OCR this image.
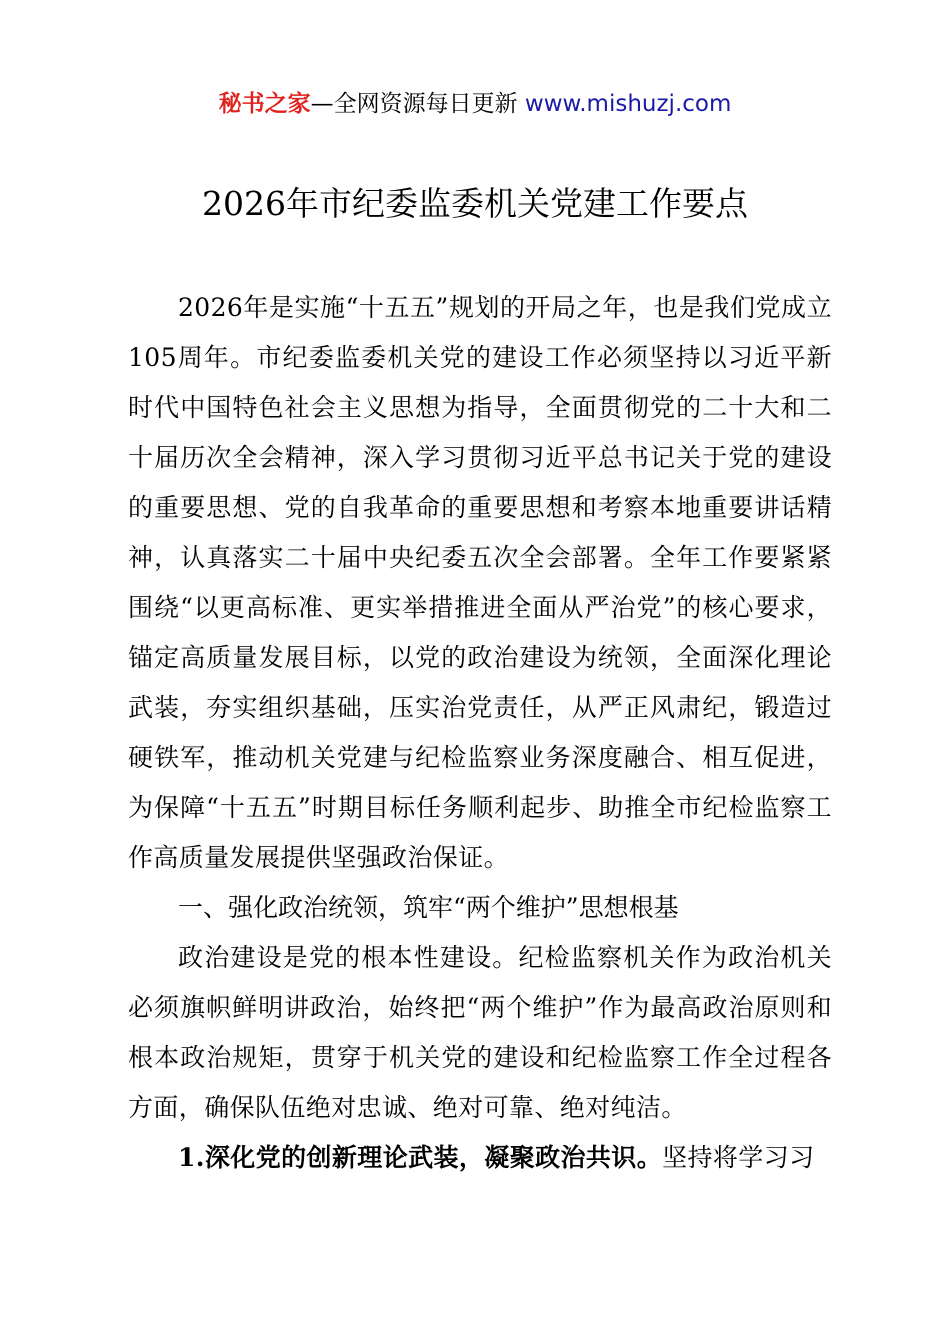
秘书之家—全网资源每日更新 www.mishuzj.com
2026年市纪委监委机关党建工作要点

2026年是实施“十五五”规划的开局之年，也是我们党成立105周年。市纪委监委机关党的建设工作必须坚持以习近平新时代中国特色社会主义思想为指导，全面贯彻党的二十大和二十届历次全会精神，深入学习贯彻习近平总书记关于党的建设的重要思想、党的自我革命的重要思想和考察本地重要讲话精神，认真落实二十届中央纪委五次全会部署。全年工作要紧紧围绕“以更高标准、更实举措推进全面从严治党”的核心要求，锚定高质量发展目标，以党的政治建设为统领，全面深化理论武装，夯实组织基础，压实治党责任，从严正风肃纪，锻造过硬铁军，推动机关党建与纪检监察业务深度融合、相互促进，为保障“十五五”时期目标任务顺利起步、助推全市纪检监察工作高质量发展提供坚强政治保证。

一、强化政治统领，筑牢“两个维护”思想根基

政治建设是党的根本性建设。纪检监察机关作为政治机关必须旗帜鲜明讲政治，始终把“两个维护”作为最高政治原则和根本政治规矩，贯穿于机关党的建设和纪检监察工作全过程各方面，确保队伍绝对忠诚、绝对可靠、绝对纯洁。

1.深化党的创新理论武装，凝聚政治共识。坚持将学习习
